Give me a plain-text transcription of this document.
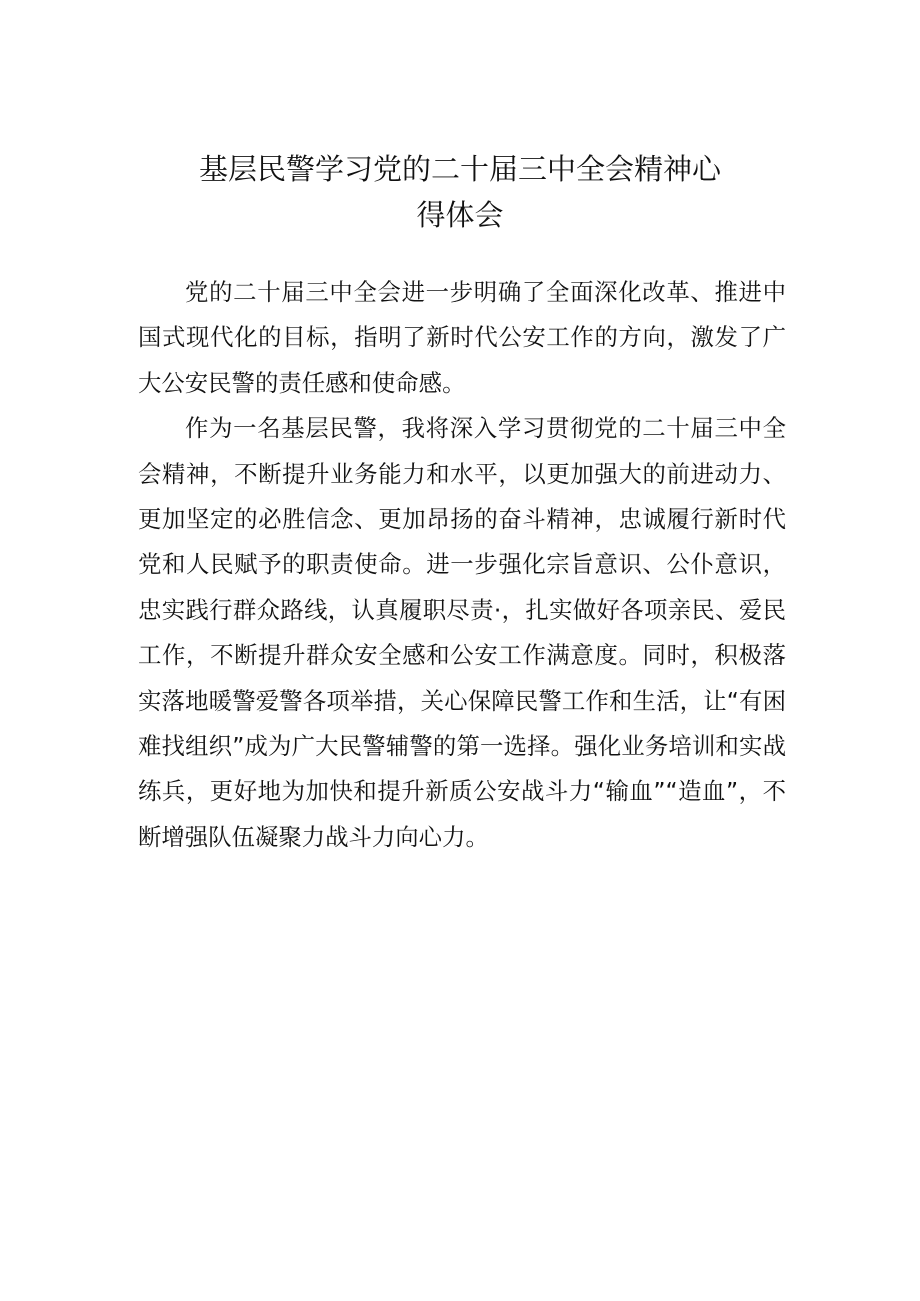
基层民警学习党的二十届三中全会精神心
得体会

党的二十届三中全会进一步明确了全面深化改革、推进中国式现代化的目标，指明了新时代公安工作的方向，激发了广大公安民警的责任感和使命感。

作为一名基层民警，我将深入学习贯彻党的二十届三中全会精神，不断提升业务能力和水平，以更加强大的前进动力、更加坚定的必胜信念、更加昂扬的奋斗精神，忠诚履行新时代党和人民赋予的职责使命。进一步强化宗旨意识、公仆意识，忠实践行群众路线，认真履职尽责·，扎实做好各项亲民、爱民工作，不断提升群众安全感和公安工作满意度。同时，积极落实落地暖警爱警各项举措，关心保障民警工作和生活，让“有困难找组织”成为广大民警辅警的第一选择。强化业务培训和实战练兵，更好地为加快和提升新质公安战斗力“输血”“造血”，不断增强队伍凝聚力战斗力向心力。
